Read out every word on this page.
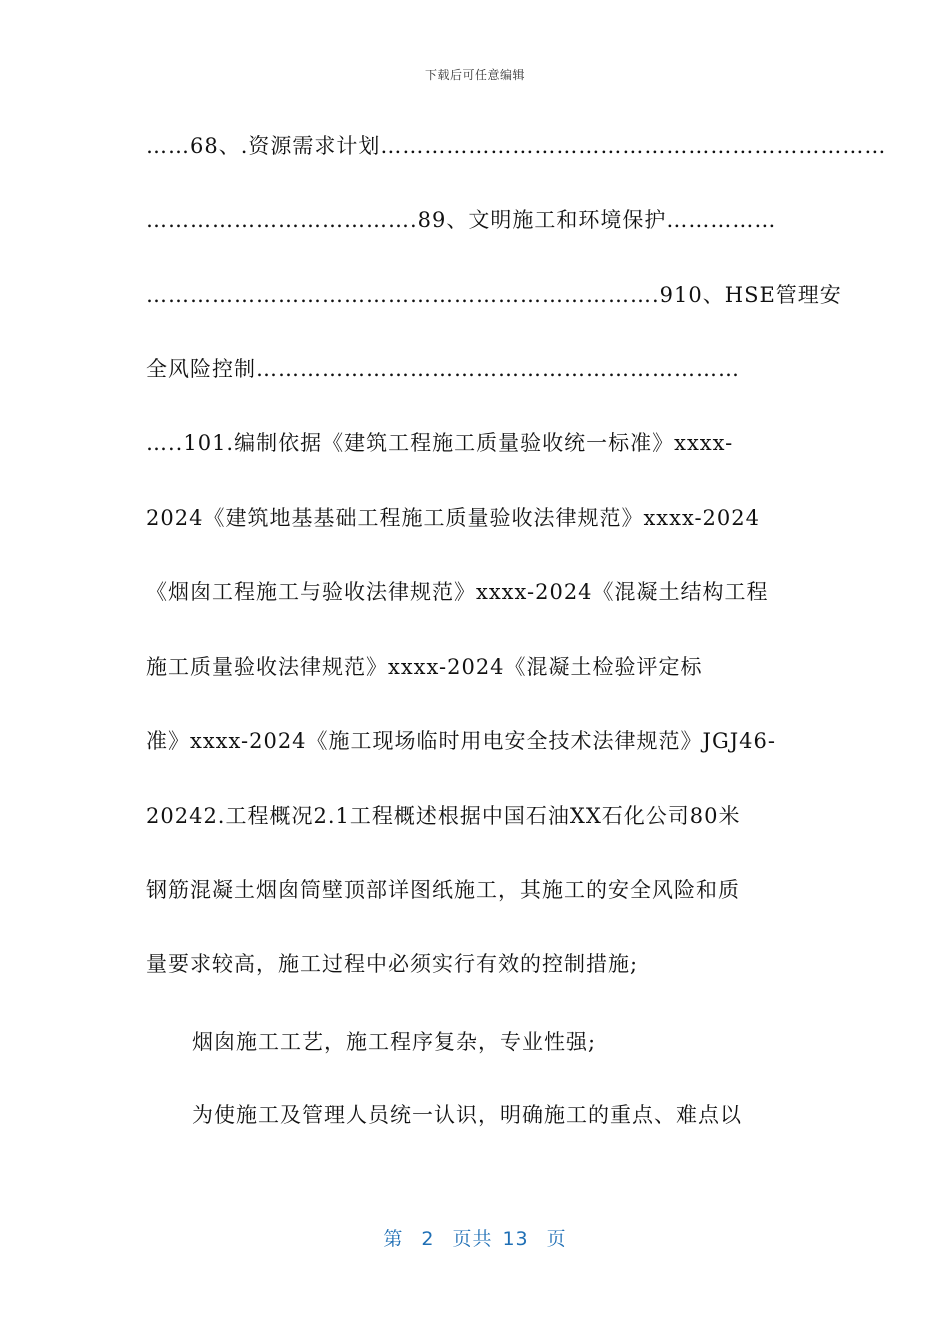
下载后可任意编辑
……68、.资源需求计划……………………………………………………………
……………………………….89、文明施工和环境保护……………
…………………………………………………………….910、HSE管理安
全风险控制…………………………………………………………
…..101.编制依据《建筑工程施工质量验收统一标准》xxxx-
2024《建筑地基基础工程施工质量验收法律规范》xxxx-2024
《烟囱工程施工与验收法律规范》xxxx-2024《混凝土结构工程
施工质量验收法律规范》xxxx-2024《混凝土检验评定标
准》xxxx-2024《施工现场临时用电安全技术法律规范》JGJ46-
20242.工程概况2.1工程概述根据中国石油XX石化公司80米
钢筋混凝土烟囱筒壁顶部详图纸施工，其施工的安全风险和质
量要求较高，施工过程中必须实行有效的控制措施;
烟囱施工工艺，施工程序复杂，专业性强;
为使施工及管理人员统一认识，明确施工的重点、难点以
第 2 页共 13 页
